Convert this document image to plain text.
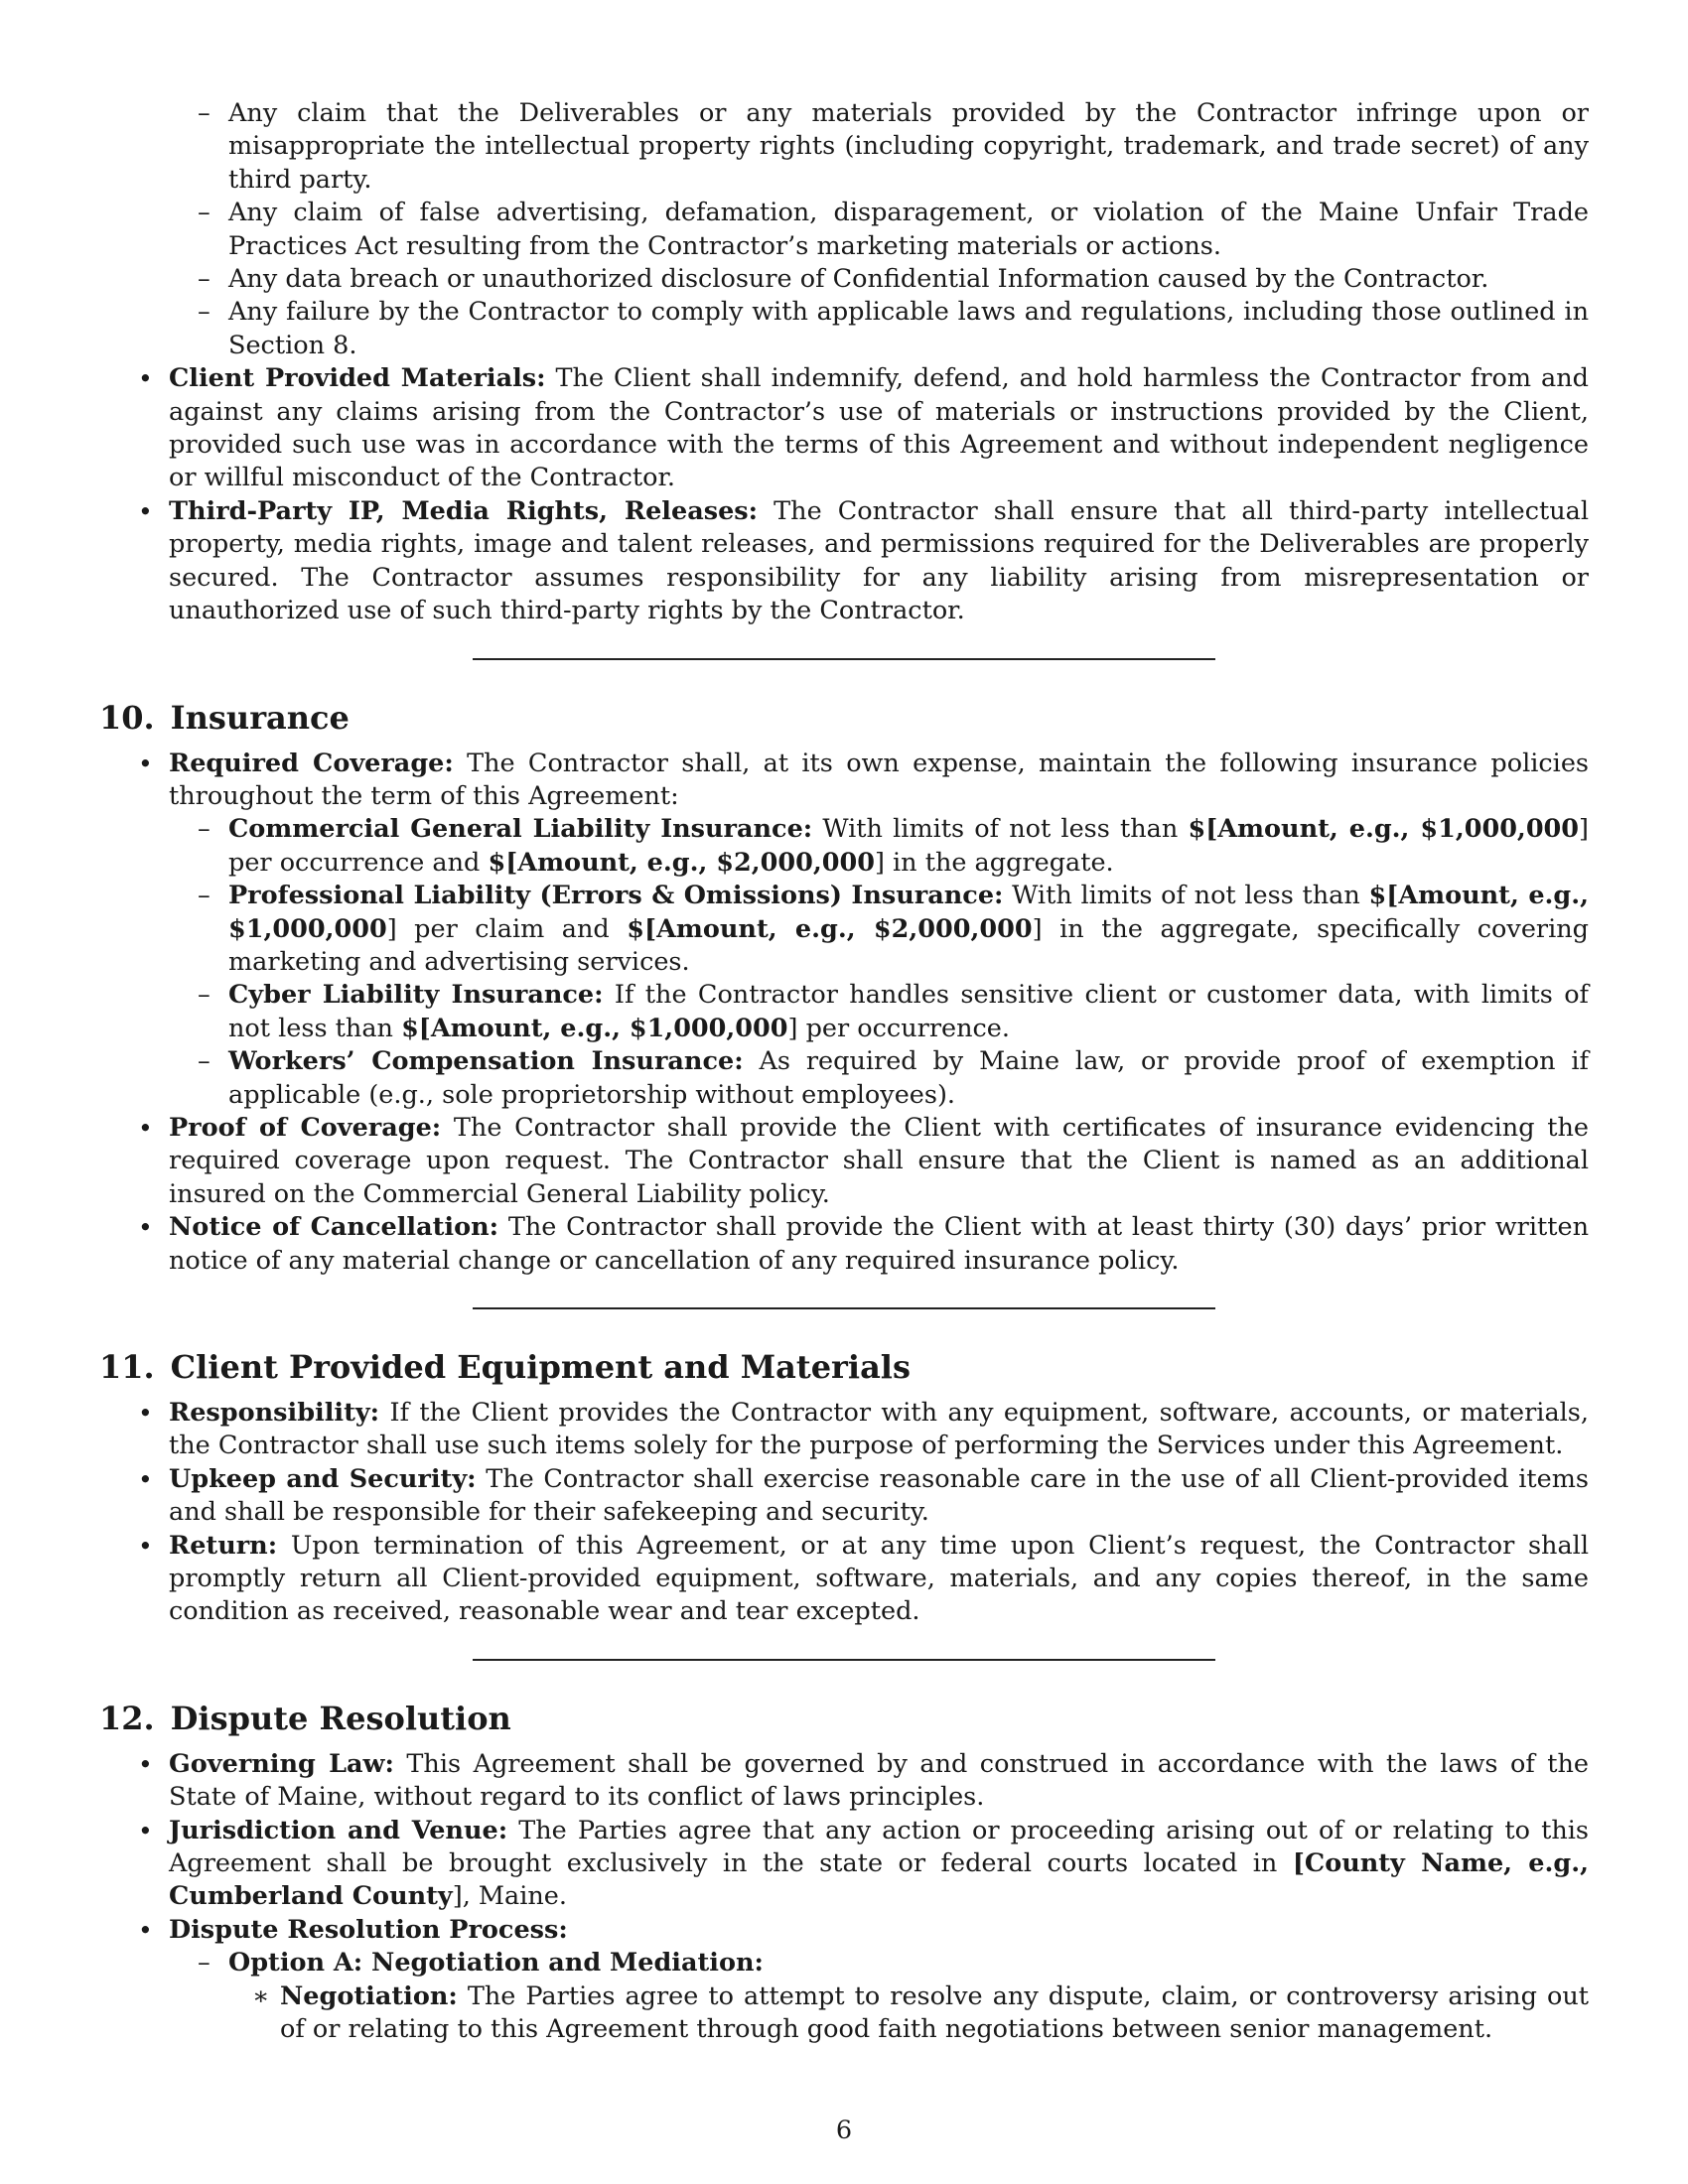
– Any claim that the Deliverables or any materials provided by the Contractor infringe upon or misappropriate the intellectual property rights (including copyright, trademark, and trade secret) of any third party.
– Any claim of false advertising, defamation, disparagement, or violation of the Maine Unfair Trade Practices Act resulting from the Contractor’s marketing materials or actions.
– Any data breach or unauthorized disclosure of Confidential Information caused by the Contractor.
– Any failure by the Contractor to comply with applicable laws and regulations, including those outlined in Section 8.
• Client Provided Materials: The Client shall indemnify, defend, and hold harmless the Contractor from and against any claims arising from the Contractor’s use of materials or instructions provided by the Client, provided such use was in accordance with the terms of this Agreement and without independent negligence or willful misconduct of the Contractor.
• Third-Party IP, Media Rights, Releases: The Contractor shall ensure that all third-party intellectual property, media rights, image and talent releases, and permissions required for the Deliverables are properly secured. The Contractor assumes responsibility for any liability arising from misrepresentation or unauthorized use of such third-party rights by the Contractor.
10. Insurance
• Required Coverage: The Contractor shall, at its own expense, maintain the following insurance policies throughout the term of this Agreement:
– Commercial General Liability Insurance: With limits of not less than $[Amount, e.g., $1,000,000] per occurrence and $[Amount, e.g., $2,000,000] in the aggregate.
– Professional Liability (Errors & Omissions) Insurance: With limits of not less than $[Amount, e.g., $1,000,000] per claim and $[Amount, e.g., $2,000,000] in the aggregate, specifically covering marketing and advertising services.
– Cyber Liability Insurance: If the Contractor handles sensitive client or customer data, with limits of not less than $[Amount, e.g., $1,000,000] per occurrence.
– Workers’ Compensation Insurance: As required by Maine law, or provide proof of exemption if applicable (e.g., sole proprietorship without employees).
• Proof of Coverage: The Contractor shall provide the Client with certificates of insurance evidencing the required coverage upon request. The Contractor shall ensure that the Client is named as an additional insured on the Commercial General Liability policy.
• Notice of Cancellation: The Contractor shall provide the Client with at least thirty (30) days’ prior written notice of any material change or cancellation of any required insurance policy.
11. Client Provided Equipment and Materials
• Responsibility: If the Client provides the Contractor with any equipment, software, accounts, or materials, the Contractor shall use such items solely for the purpose of performing the Services under this Agreement.
• Upkeep and Security: The Contractor shall exercise reasonable care in the use of all Client-provided items and shall be responsible for their safekeeping and security.
• Return: Upon termination of this Agreement, or at any time upon Client’s request, the Contractor shall promptly return all Client-provided equipment, software, materials, and any copies thereof, in the same condition as received, reasonable wear and tear excepted.
12. Dispute Resolution
• Governing Law: This Agreement shall be governed by and construed in accordance with the laws of the State of Maine, without regard to its conflict of laws principles.
• Jurisdiction and Venue: The Parties agree that any action or proceeding arising out of or relating to this Agreement shall be brought exclusively in the state or federal courts located in [County Name, e.g., Cumberland County], Maine.
• Dispute Resolution Process:
– Option A: Negotiation and Mediation:
∗ Negotiation: The Parties agree to attempt to resolve any dispute, claim, or controversy arising out of or relating to this Agreement through good faith negotiations between senior management.
6
